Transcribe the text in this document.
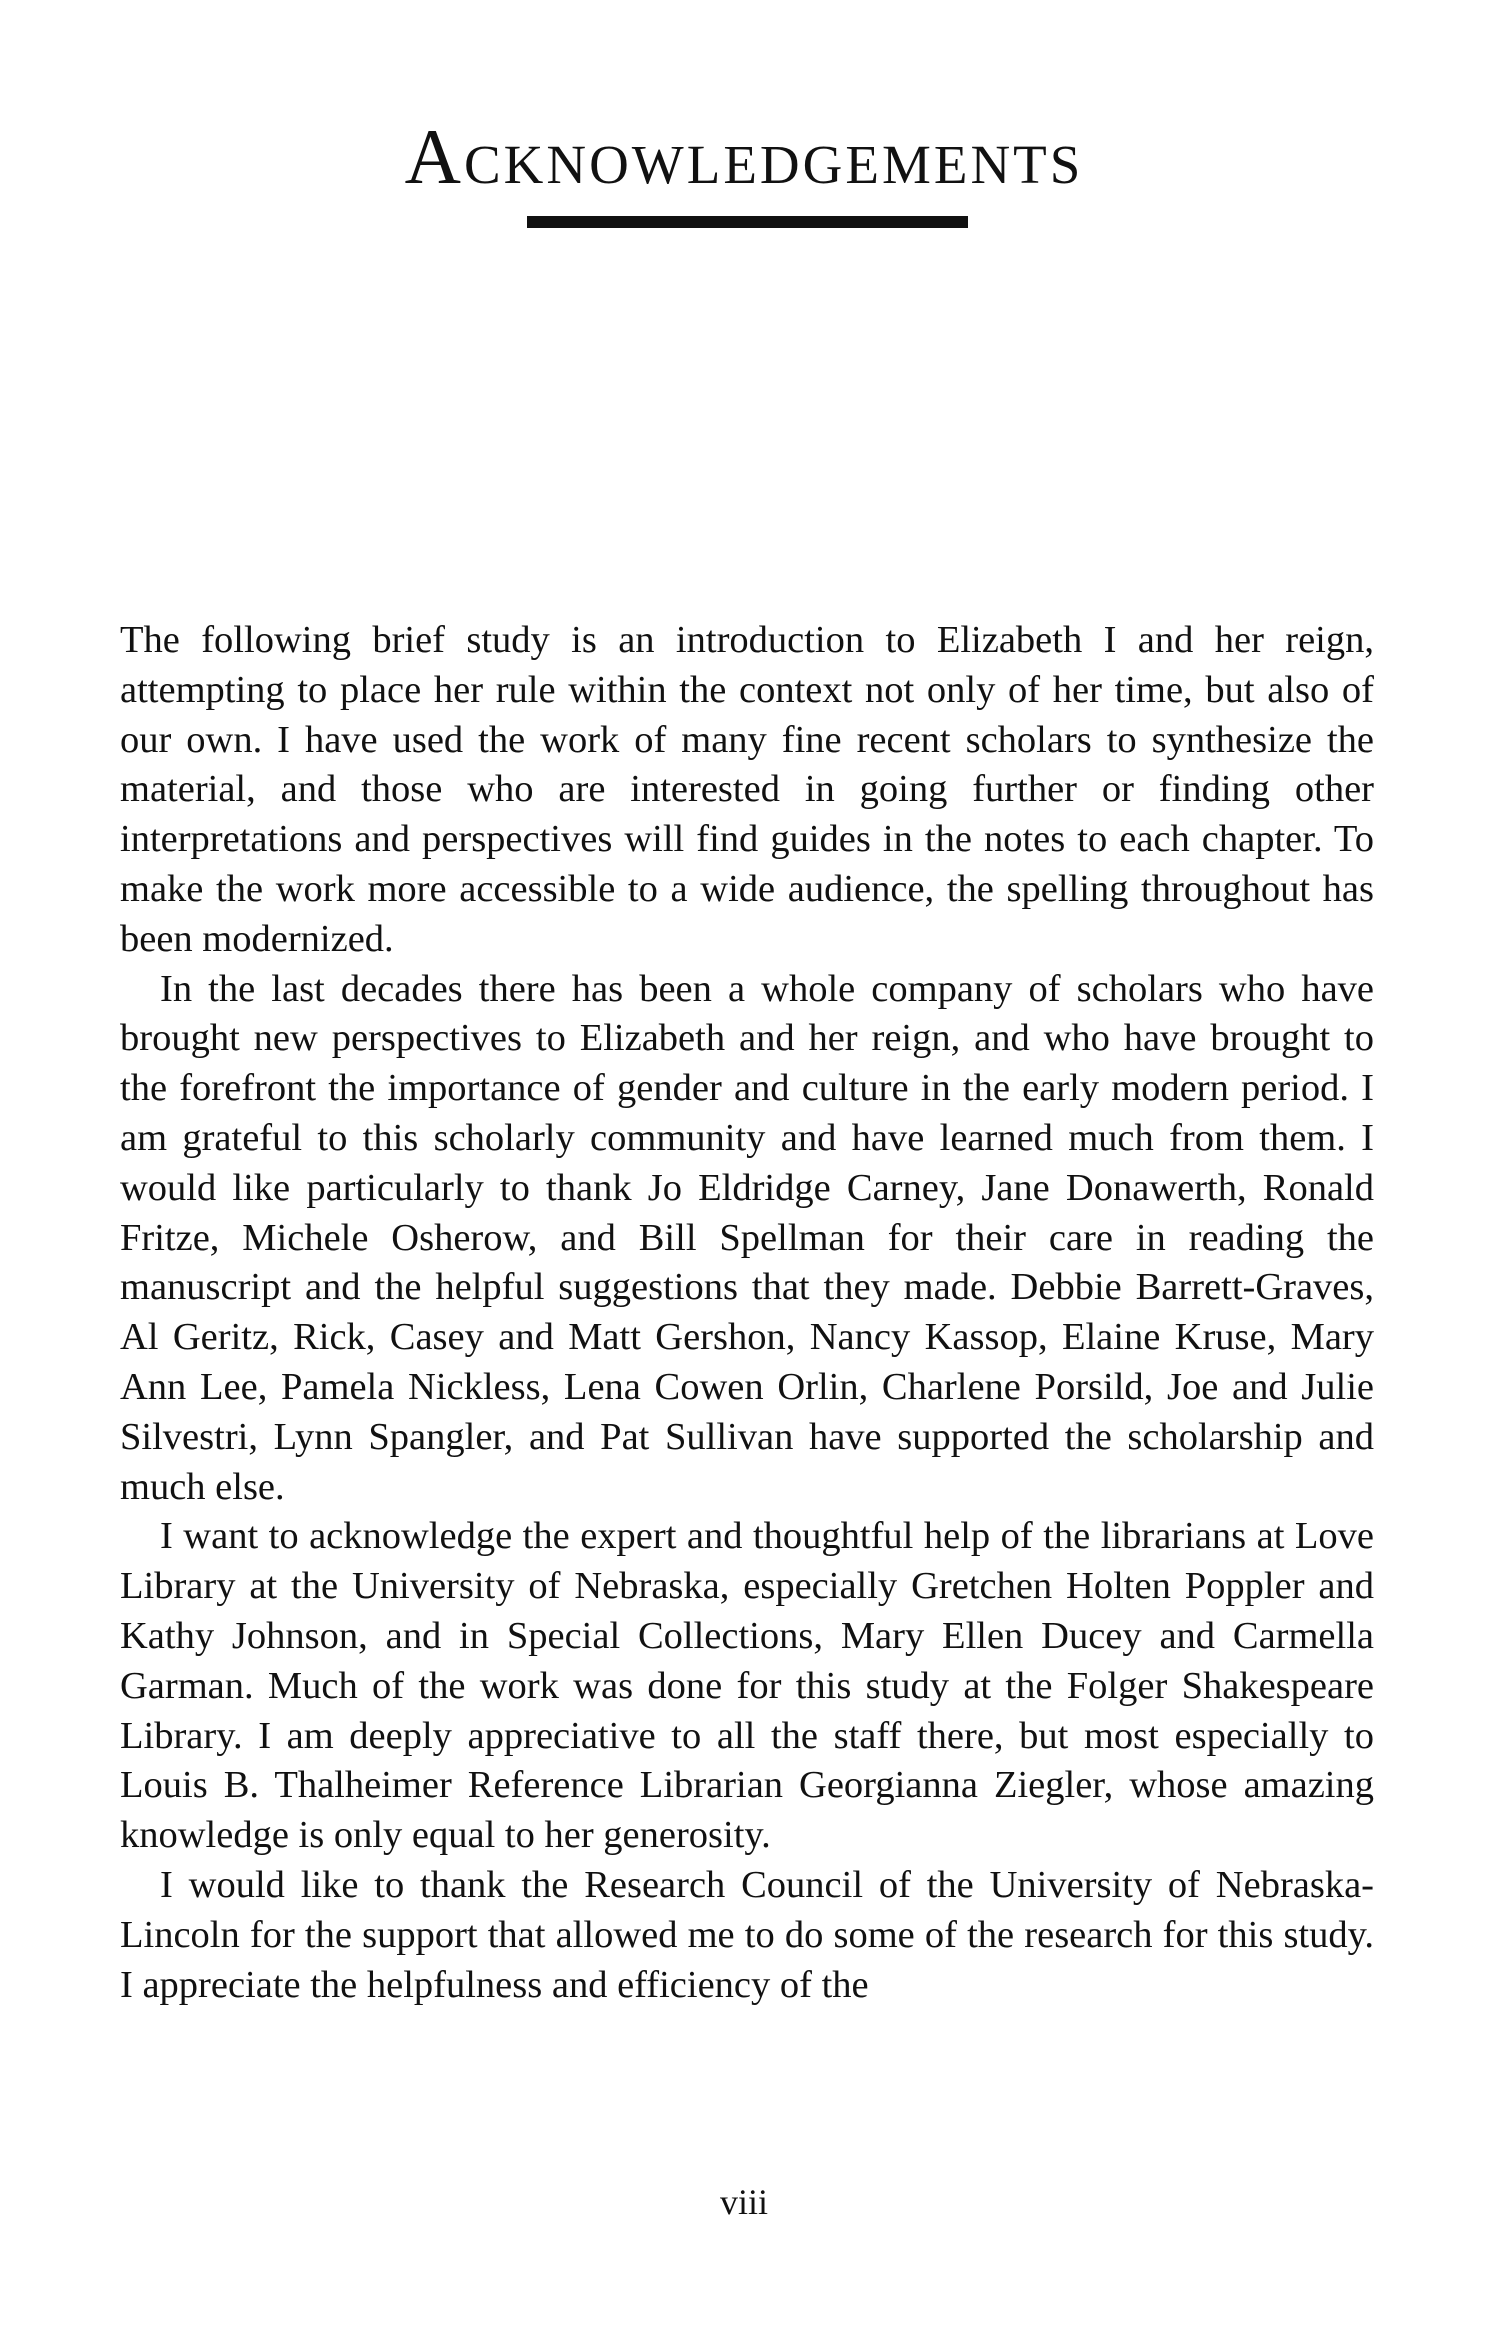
Acknowledgements

The following brief study is an introduction to Elizabeth I and her reign, attempting to place her rule within the context not only of her time, but also of our own. I have used the work of many fine recent scholars to synthesize the material, and those who are interested in going further or finding other interpretations and perspectives will find guides in the notes to each chapter. To make the work more accessible to a wide audience, the spelling throughout has been modernized.

In the last decades there has been a whole company of scholars who have brought new perspectives to Elizabeth and her reign, and who have brought to the forefront the importance of gender and culture in the early modern period. I am grateful to this scholarly community and have learned much from them. I would like particularly to thank Jo Eldridge Carney, Jane Donawerth, Ronald Fritze, Michele Osherow, and Bill Spellman for their care in reading the manuscript and the helpful suggestions that they made. Debbie Barrett-Graves, Al Geritz, Rick, Casey and Matt Gershon, Nancy Kassop, Elaine Kruse, Mary Ann Lee, Pamela Nickless, Lena Cowen Orlin, Charlene Porsild, Joe and Julie Silvestri, Lynn Spangler, and Pat Sullivan have supported the scholarship and much else.

I want to acknowledge the expert and thoughtful help of the librarians at Love Library at the University of Nebraska, especially Gretchen Holten Poppler and Kathy Johnson, and in Special Collections, Mary Ellen Ducey and Carmella Garman. Much of the work was done for this study at the Folger Shakespeare Library. I am deeply appreciative to all the staff there, but most especially to Louis B. Thalheimer Reference Librarian Georgianna Ziegler, whose amazing knowledge is only equal to her generosity.

I would like to thank the Research Council of the University of Nebraska-Lincoln for the support that allowed me to do some of the research for this study. I appreciate the helpfulness and efficiency of the

viii
